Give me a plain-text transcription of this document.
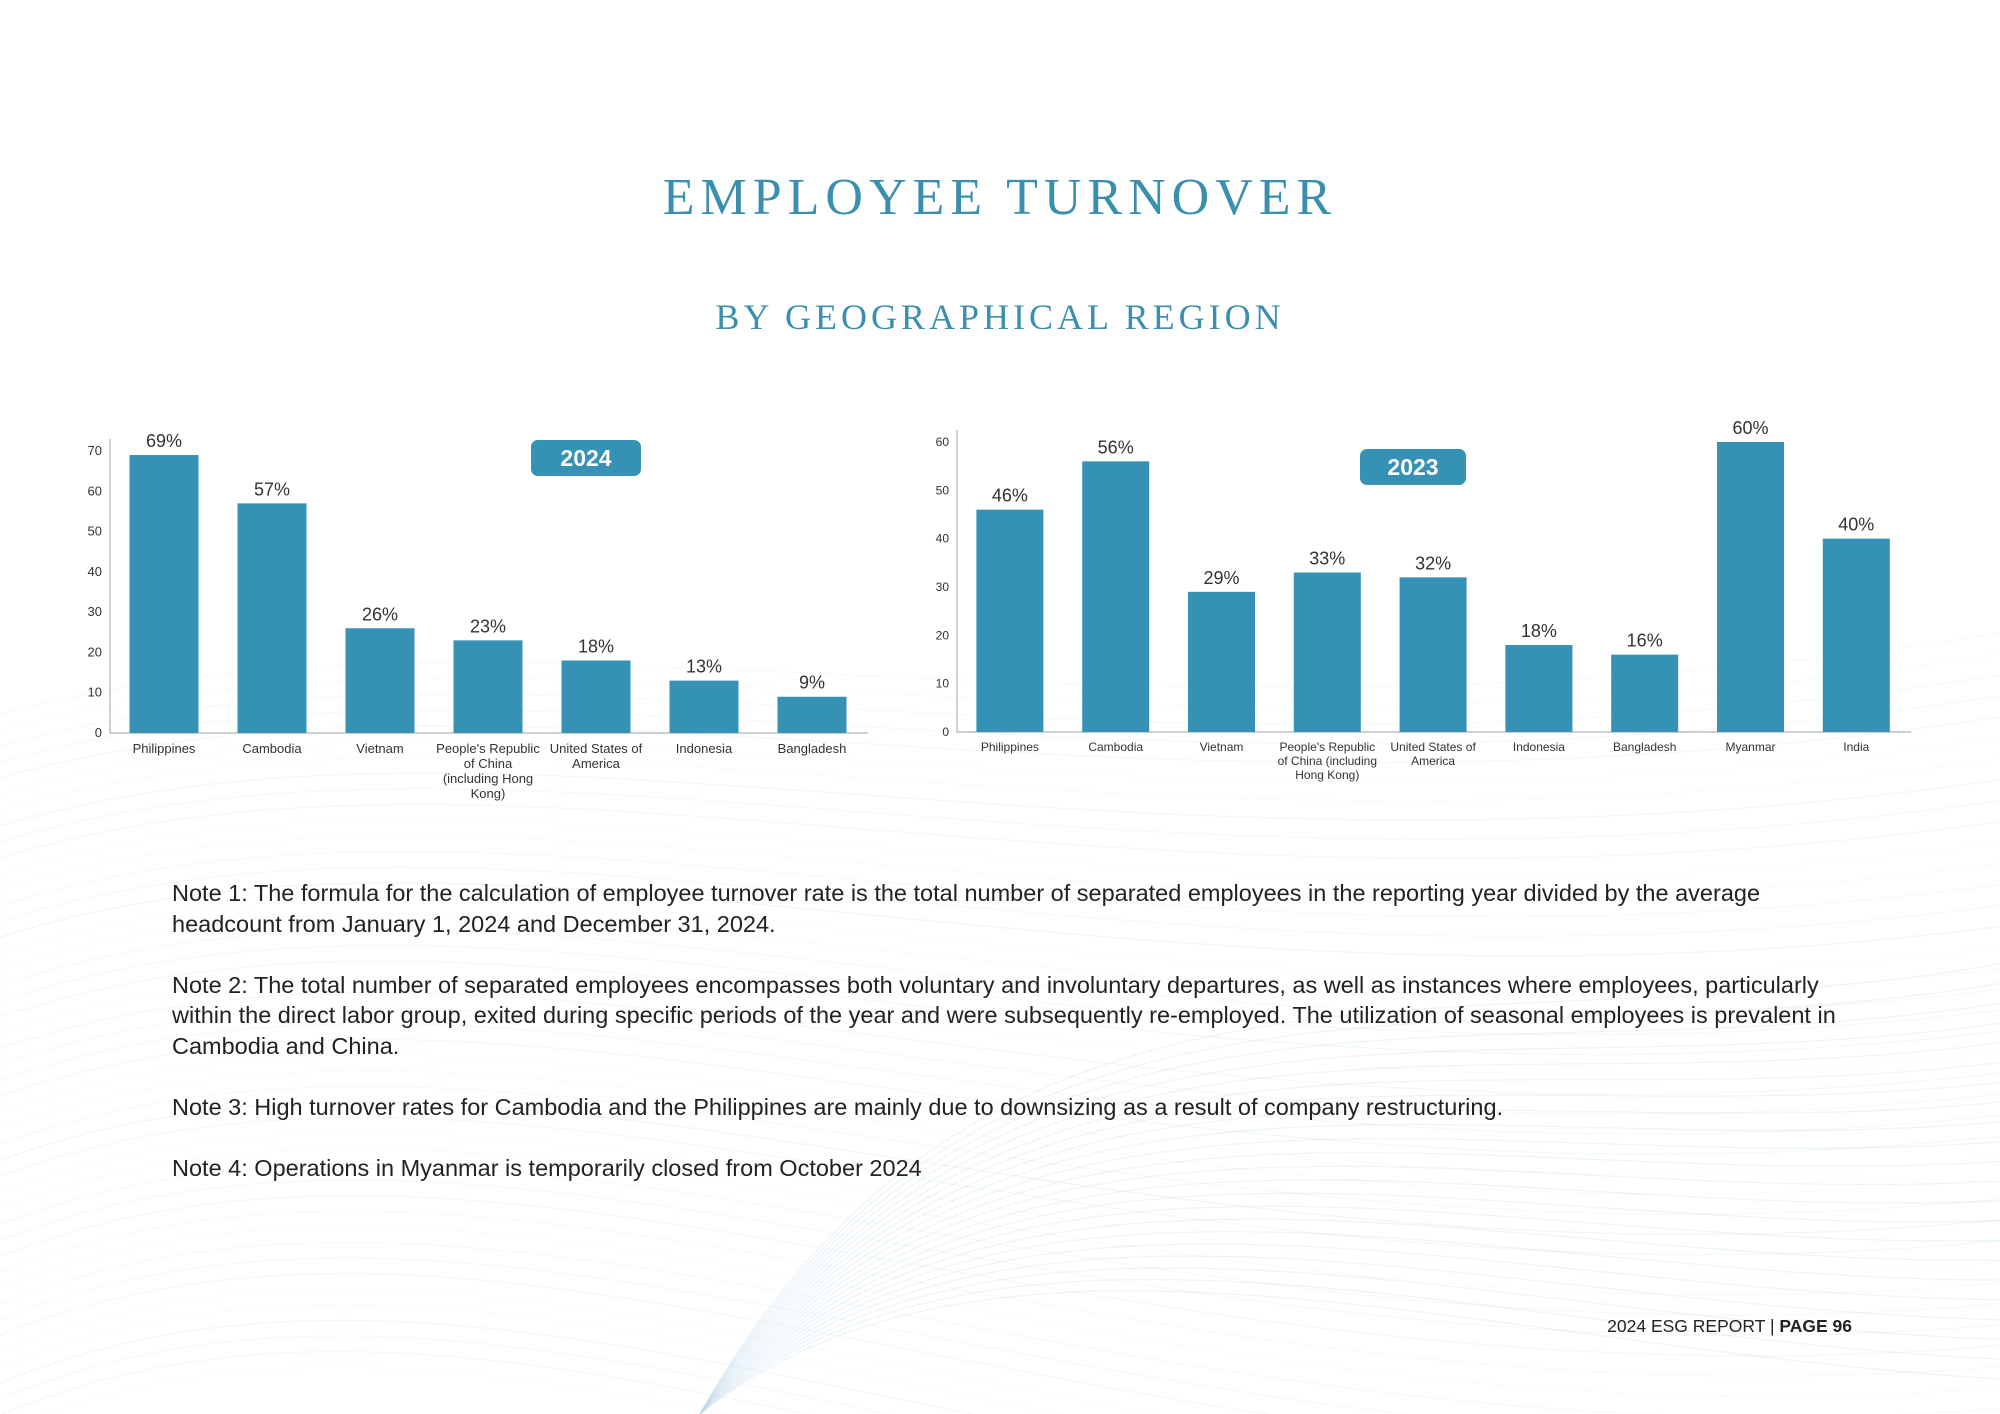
EMPLOYEE TURNOVER
BY GEOGRAPHICAL REGION
0
10
20
30
40
50
60
70 69%
Philippines
57%
Cambodia
26%
Vietnam
23%
People's Republic
of China
(including Hong
Kong)
18%
United States of
America
13%
Indonesia
9%
Bangladesh
2024
0
10
20
30
40
50
60
46%
Philippines
56%
Cambodia
29%
Vietnam
33%
People's Republic
of China (including
Hong Kong)
32%
United States of
America
18%
Indonesia
16%
Bangladesh
60%
Myanmar
40%
India
2023

Note 1: The formula for the calculation of employee turnover rate is the total number of separated employees in the reporting year divided by the average headcount from January 1, 2024 and December 31, 2024.

Note 2: The total number of separated employees encompasses both voluntary and involuntary departures, as well as instances where employees, particularly within the direct labor group, exited during specific periods of the year and were subsequently re-employed. The utilization of seasonal employees is prevalent in Cambodia and China.

Note 3: High turnover rates for Cambodia and the Philippines are mainly due to downsizing as a result of company restructuring.

Note 4: Operations in Myanmar is temporarily closed from October 2024

2024 ESG REPORT | PAGE 96
